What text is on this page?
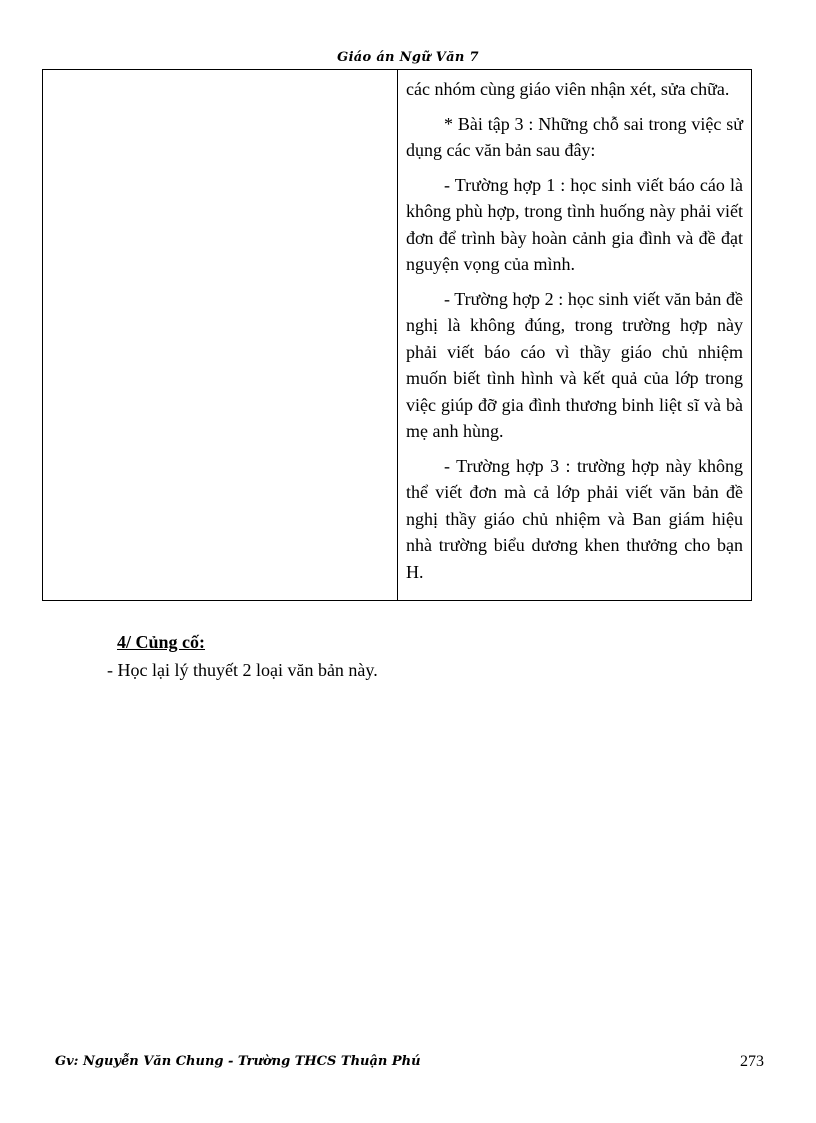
Giáo án Ngữ Văn 7

các nhóm cùng giáo viên nhận xét, sửa chữa.

* Bài tập 3 : Những chỗ sai trong việc sử dụng các văn bản sau đây:

- Trường hợp 1 : học sinh viết báo cáo là không phù hợp, trong tình huống này phải viết đơn để trình bày hoàn cảnh gia đình và đề đạt nguyện vọng của mình.

- Trường hợp 2 : học sinh viết văn bản đề nghị là không đúng, trong trường hợp này phải viết báo cáo vì thầy giáo chủ nhiệm muốn biết tình hình và kết quả của lớp trong việc giúp đỡ gia đình thương binh liệt sĩ và bà mẹ anh hùng.

- Trường hợp 3 : trường hợp này không thể viết đơn mà cả lớp phải viết văn bản đề nghị thầy giáo chủ nhiệm và Ban giám hiệu nhà trường biểu dương khen thưởng cho bạn H.

4/ Củng cố:
- Học lại lý thuyết 2 loại văn bản này.
Gv: Nguyễn Văn Chung - Trường THCS Thuận Phú	273
